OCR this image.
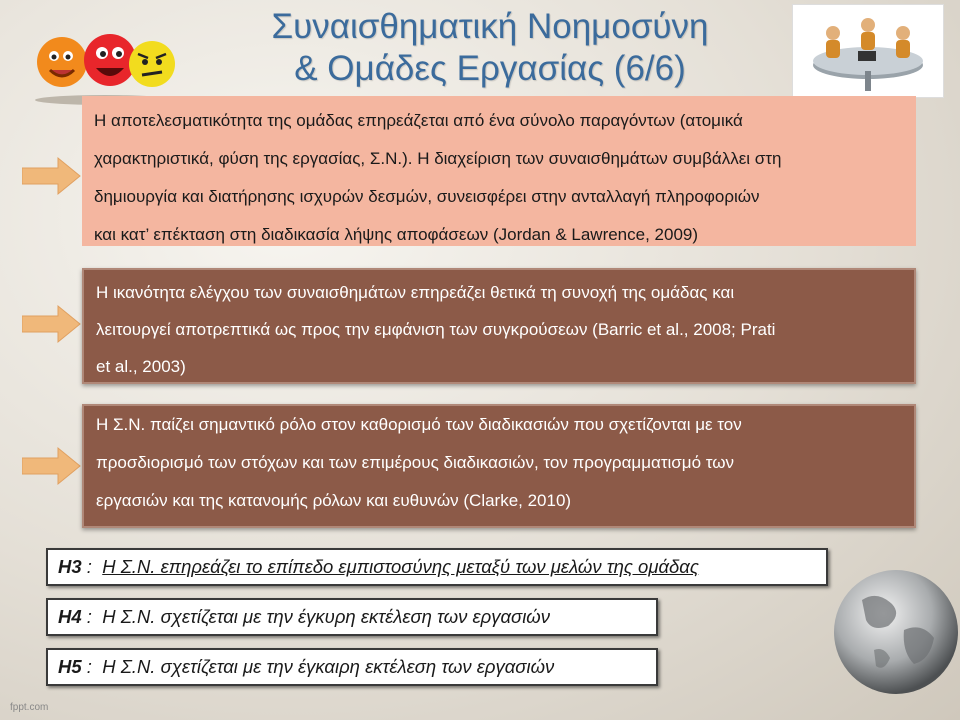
Συναισθηματική Νοημοσύνη
& Ομάδες Εργασίας (6/6)
Η αποτελεσματικότητα της ομάδας επηρεάζεται από ένα σύνολο παραγόντων (ατομικά
χαρακτηριστικά, φύση της εργασίας, Σ.Ν.). Η διαχείριση των συναισθημάτων συμβάλλει στη
δημιουργία και διατήρησης ισχυρών δεσμών, συνεισφέρει στην ανταλλαγή πληροφοριών
και κατ’ επέκταση στη διαδικασία λήψης αποφάσεων (Jordan & Lawrence, 2009)
Η ικανότητα ελέγχου των συναισθημάτων επηρεάζει θετικά τη συνοχή της ομάδας και
λειτουργεί αποτρεπτικά ως προς την εμφάνιση των συγκρούσεων (Barric et al., 2008; Prati
et al., 2003)
Η Σ.Ν. παίζει σημαντικό ρόλο στον καθορισμό των διαδικασιών που σχετίζονται με τον
προσδιορισμό των στόχων και των επιμέρους διαδικασιών, τον προγραμματισμό των
εργασιών και της κατανομής ρόλων και ευθυνών (Clarke, 2010)
H3 :  Η Σ.Ν. επηρεάζει το επίπεδο εμπιστοσύνης μεταξύ των μελών της ομάδας
H4 :  Η Σ.Ν. σχετίζεται με την έγκυρη εκτέλεση των εργασιών
H5 :  Η Σ.Ν. σχετίζεται με την έγκαιρη εκτέλεση των εργασιών
fppt.com
